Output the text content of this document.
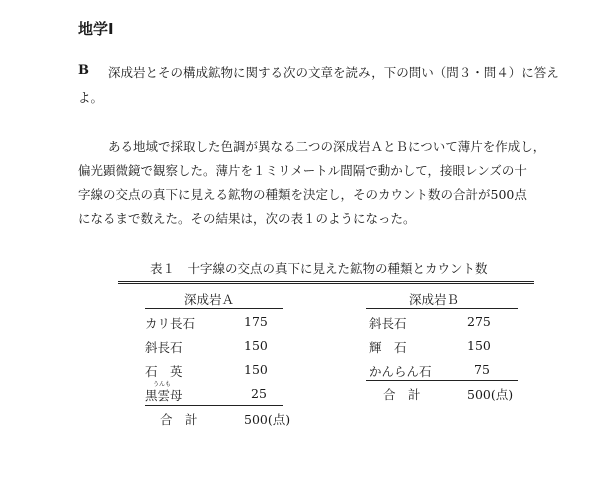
地学Ⅰ
B 深成岩とその構成鉱物に関する次の文章を読み，下の問い（問３・問４）に答え
よ。
ある地域で採取した色調が異なる二つの深成岩ＡとＢについて薄片を作成し，
偏光顕微鏡で観察した。薄片を１ミリメートル間隔で動かして，接眼レンズの十
字線の交点の真下に見える鉱物の種類を決定し，そのカウント数の合計が500点
になるまで数えた。その結果は，次の表１のようになった。
表１　十字線の交点の真下に見えた鉱物の種類とカウント数
深成岩Ａ
カリ長石	175
斜長石	150
石　英	150
うんも
黒雲母	25
合　計	500(点)
深成岩Ｂ
斜長石	275
輝　石	150
かんらん石	75
合　計	500(点)
